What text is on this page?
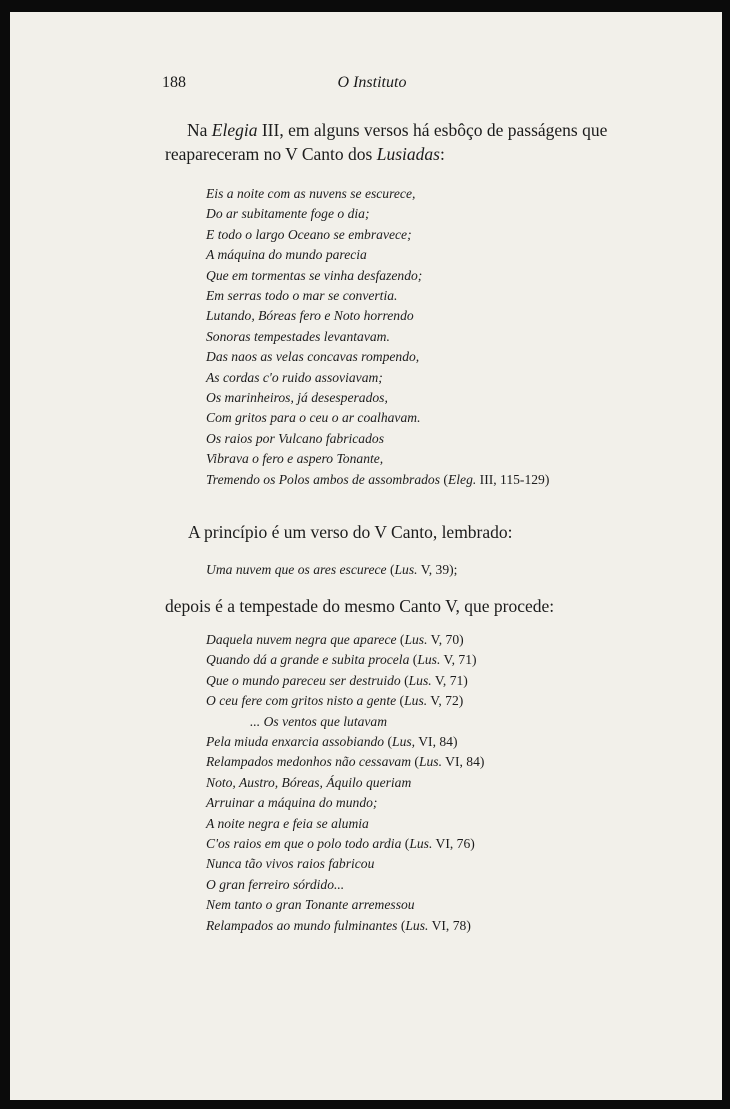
188	O Instituto

Na Elegia III, em alguns versos há esbôço de passágens que reapareceram no V Canto dos Lusiadas:

Eis a noite com as nuvens se escurece,
Do ar subitamente foge o dia;
E todo o largo Oceano se embravece;
A máquina do mundo parecia
Que em tormentas se vinha desfazendo;
Em serras todo o mar se convertia.
Lutando, Bóreas fero e Noto horrendo
Sonoras tempestades levantavam.
Das naos as velas concavas rompendo,
As cordas c'o ruido assoviavam;
Os marinheiros, já desesperados,
Com gritos para o ceu o ar coalhavam.
Os raios por Vulcano fabricados
Vibrava o fero e aspero Tonante,
Tremendo os Polos ambos de assombrados (Eleg. III, 115-129)

A princípio é um verso do V Canto, lembrado:

Uma nuvem que os ares escurece (Lus. V, 39);

depois é a tempestade do mesmo Canto V, que procede:

Daquela nuvem negra que aparece (Lus. V, 70)
Quando dá a grande e subita procela (Lus. V, 71)
Que o mundo pareceu ser destruido (Lus. V, 71)
O ceu fere com gritos nisto a gente (Lus. V, 72)
... Os ventos que lutavam
Pela miuda enxarcia assobiando (Lus, VI, 84)
Relampados medonhos não cessavam (Lus. VI, 84)
Noto, Austro, Bóreas, Áquilo queriam
Arruinar a máquina do mundo;
A noite negra e feia se alumia
C'os raios em que o polo todo ardia (Lus. VI, 76)
Nunca tão vivos raios fabricou
O gran ferreiro sórdido...
Nem tanto o gran Tonante arremessou
Relampados ao mundo fulminantes (Lus. VI, 78)
